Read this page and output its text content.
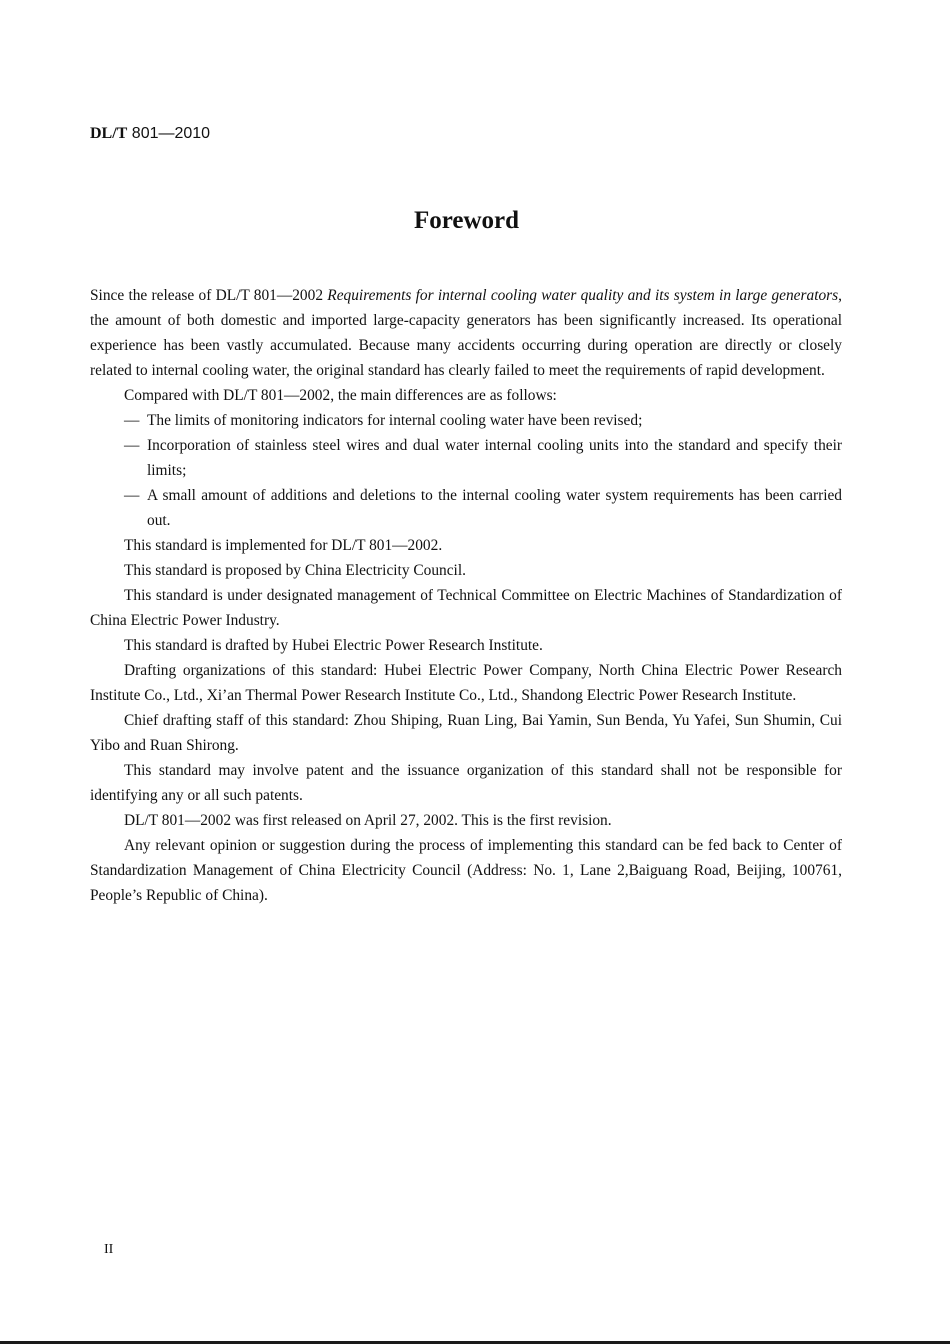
DL/T 801—2010
Foreword

Since the release of DL/T 801—2002 Requirements for internal cooling water quality and its system in large generators, the amount of both domestic and imported large-capacity generators has been significantly increased. Its operational experience has been vastly accumulated. Because many accidents occurring during operation are directly or closely related to internal cooling water, the original standard has clearly failed to meet the requirements of rapid development.

Compared with DL/T 801—2002, the main differences are as follows:

— The limits of monitoring indicators for internal cooling water have been revised;

— Incorporation of stainless steel wires and dual water internal cooling units into the standard and specify their limits;

— A small amount of additions and deletions to the internal cooling water system requirements has been carried out.

This standard is implemented for DL/T 801—2002.

This standard is proposed by China Electricity Council.

This standard is under designated management of Technical Committee on Electric Machines of Standardization of China Electric Power Industry.

This standard is drafted by Hubei Electric Power Research Institute.

Drafting organizations of this standard: Hubei Electric Power Company, North China Electric Power Research Institute Co., Ltd., Xi’an Thermal Power Research Institute Co., Ltd., Shandong Electric Power Research Institute.

Chief drafting staff of this standard: Zhou Shiping, Ruan Ling, Bai Yamin, Sun Benda, Yu Yafei, Sun Shumin, Cui Yibo and Ruan Shirong.

This standard may involve patent and the issuance organization of this standard shall not be responsible for identifying any or all such patents.

DL/T 801—2002 was first released on April 27, 2002. This is the first revision.

Any relevant opinion or suggestion during the process of implementing this standard can be fed back to Center of Standardization Management of China Electricity Council (Address: No. 1, Lane 2,Baiguang Road, Beijing, 100761, People’s Republic of China).

II
